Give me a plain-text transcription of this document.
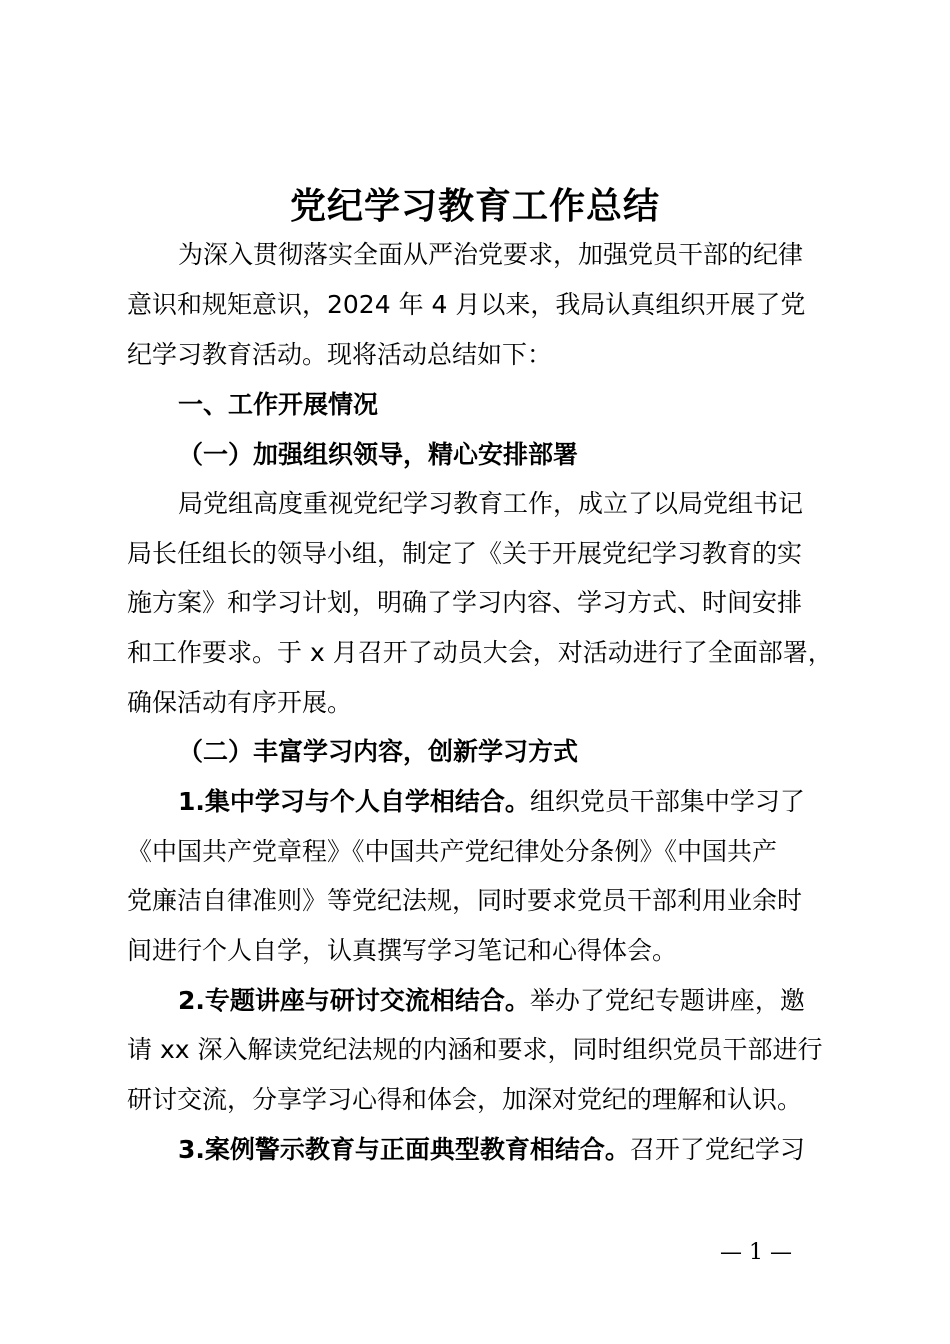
党纪学习教育工作总结
为深入贯彻落实全面从严治党要求，加强党员干部的纪律
意识和规矩意识，2024 年 4 月以来，我局认真组织开展了党
纪学习教育活动。现将活动总结如下：
一、工作开展情况
（一）加强组织领导，精心安排部署
局党组高度重视党纪学习教育工作，成立了以局党组书记
局长任组长的领导小组，制定了《关于开展党纪学习教育的实
施方案》和学习计划，明确了学习内容、学习方式、时间安排
和工作要求。于 x 月召开了动员大会，对活动进行了全面部署，
确保活动有序开展。
（二）丰富学习内容，创新学习方式
1.集中学习与个人自学相结合。组织党员干部集中学习了
《中国共产党章程》《中国共产党纪律处分条例》《中国共产
党廉洁自律准则》等党纪法规，同时要求党员干部利用业余时
间进行个人自学，认真撰写学习笔记和心得体会。
2.专题讲座与研讨交流相结合。举办了党纪专题讲座，邀
请 xx 深入解读党纪法规的内涵和要求，同时组织党员干部进行
研讨交流，分享学习心得和体会，加深对党纪的理解和认识。
3.案例警示教育与正面典型教育相结合。召开了党纪学习
— 1 —
